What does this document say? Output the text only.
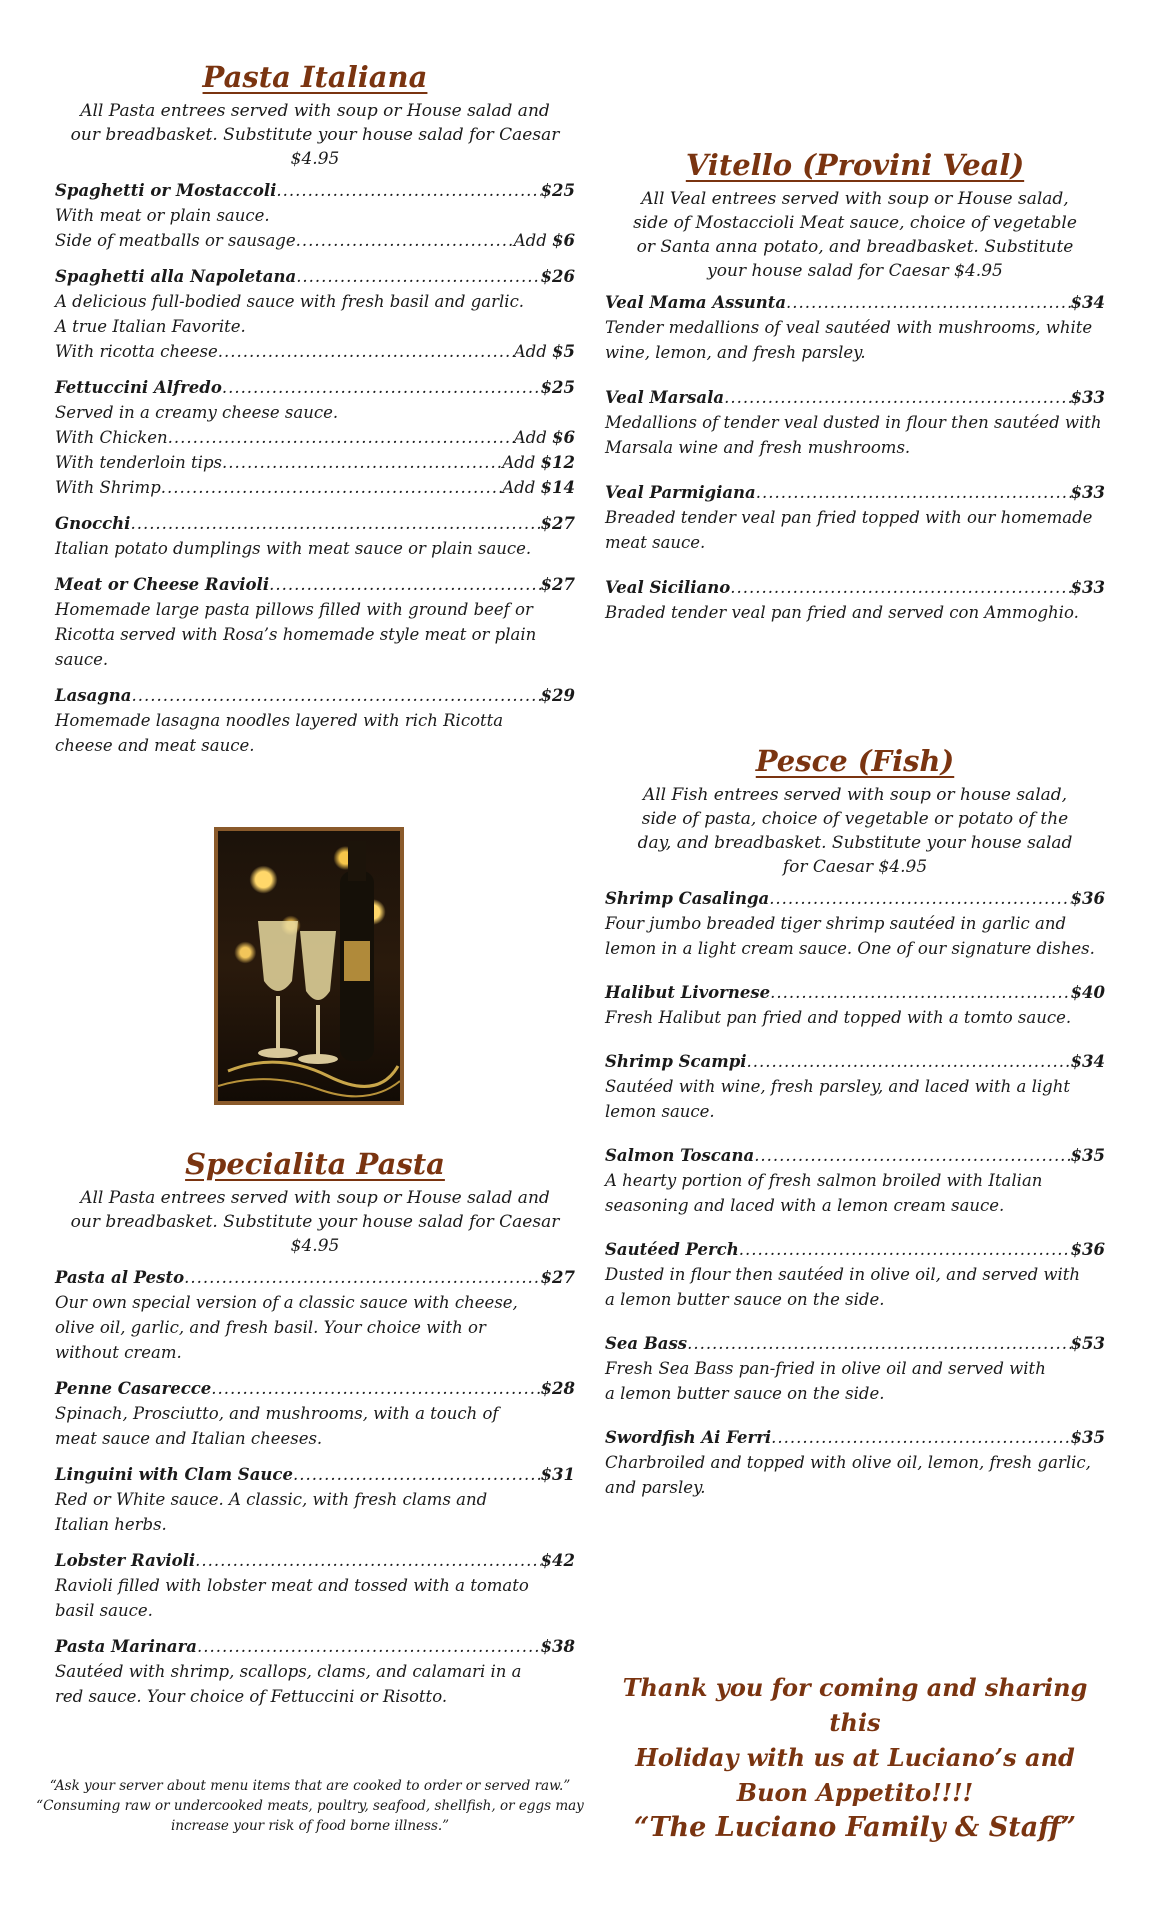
Pasta Italiana
All Pasta entrees served with soup or House salad and our breadbasket. Substitute your house salad for Caesar $4.95
Spaghetti or Mostaccoli .....	$25
With meat or plain sauce.
Side of meatballs or sausage .....	Add $6
Spaghetti alla Napoletana .....	$26
A delicious full-bodied sauce with fresh basil and garlic.
A true Italian Favorite.
With ricotta cheese .....	Add $5
Fettuccini Alfredo .....	$25
Served in a creamy cheese sauce.
With Chicken .....	Add $6
With tenderloin tips .....	Add $12
With Shrimp .....	Add $14
Gnocchi .....	$27
Italian potato dumplings with meat sauce or plain sauce.
Meat or Cheese Ravioli .....	$27
Homemade large pasta pillows filled with ground beef or
Ricotta served with Rosa’s homemade style meat or plain sauce.
Lasagna .....	$29
Homemade lasagna noodles layered with rich Ricotta
cheese and meat sauce.
Specialita Pasta
All Pasta entrees served with soup or House salad and our breadbasket. Substitute your house salad for Caesar $4.95
Pasta al Pesto .....	$27
Our own special version of a classic sauce with cheese,
olive oil, garlic, and fresh basil. Your choice with or
without cream.
Penne Casarecce .....	$28
Spinach, Prosciutto, and mushrooms, with a touch of
meat sauce and Italian cheeses.
Linguini with Clam Sauce .....	$31
Red or White sauce. A classic, with fresh clams and
Italian herbs.
Lobster Ravioli .....	$42
Ravioli filled with lobster meat and tossed with a tomato
basil sauce.
Pasta Marinara .....	$38
Sautéed with shrimp, scallops, clams, and calamari in a
red sauce. Your choice of Fettuccini or Risotto.
“Ask your server about menu items that are cooked to order or served raw.”
“Consuming raw or undercooked meats, poultry, seafood, shellfish, or eggs may
increase your risk of food borne illness.”
Vitello (Provini Veal)
All Veal entrees served with soup or House salad, side of Mostaccioli Meat sauce, choice of vegetable or Santa anna potato, and breadbasket. Substitute your house salad for Caesar $4.95
Veal Mama Assunta .....	$34
Tender medallions of veal sautéed with mushrooms, white
wine, lemon, and fresh parsley.
Veal Marsala .....	$33
Medallions of tender veal dusted in flour then sautéed with
Marsala wine and fresh mushrooms.
Veal Parmigiana .....	$33
Breaded tender veal pan fried topped with our homemade
meat sauce.
Veal Siciliano .....	$33
Braded tender veal pan fried and served con Ammoghio.
Pesce (Fish)
All Fish entrees served with soup or house salad, side of pasta, choice of vegetable or potato of the day, and breadbasket. Substitute your house salad for Caesar $4.95
Shrimp Casalinga .....	$36
Four jumbo breaded tiger shrimp sautéed in garlic and
lemon in a light cream sauce. One of our signature dishes.
Halibut Livornese .....	$40
Fresh Halibut pan fried and topped with a tomto sauce.
Shrimp Scampi .....	$34
Sautéed with wine, fresh parsley, and laced with a light
lemon sauce.
Salmon Toscana .....	$35
A hearty portion of fresh salmon broiled with Italian
seasoning and laced with a lemon cream sauce.
Sautéed Perch .....	$36
Dusted in flour then sautéed in olive oil, and served with
a lemon butter sauce on the side.
Sea Bass .....	$53
Fresh Sea Bass pan-fried in olive oil and served with
a lemon butter sauce on the side.
Swordfish Ai Ferri .....	$35
Charbroiled and topped with olive oil, lemon, fresh garlic,
and parsley.
Thank you for coming and sharing this
Holiday with us at Luciano’s and
Buon Appetito!!!!
“The Luciano Family & Staff”
